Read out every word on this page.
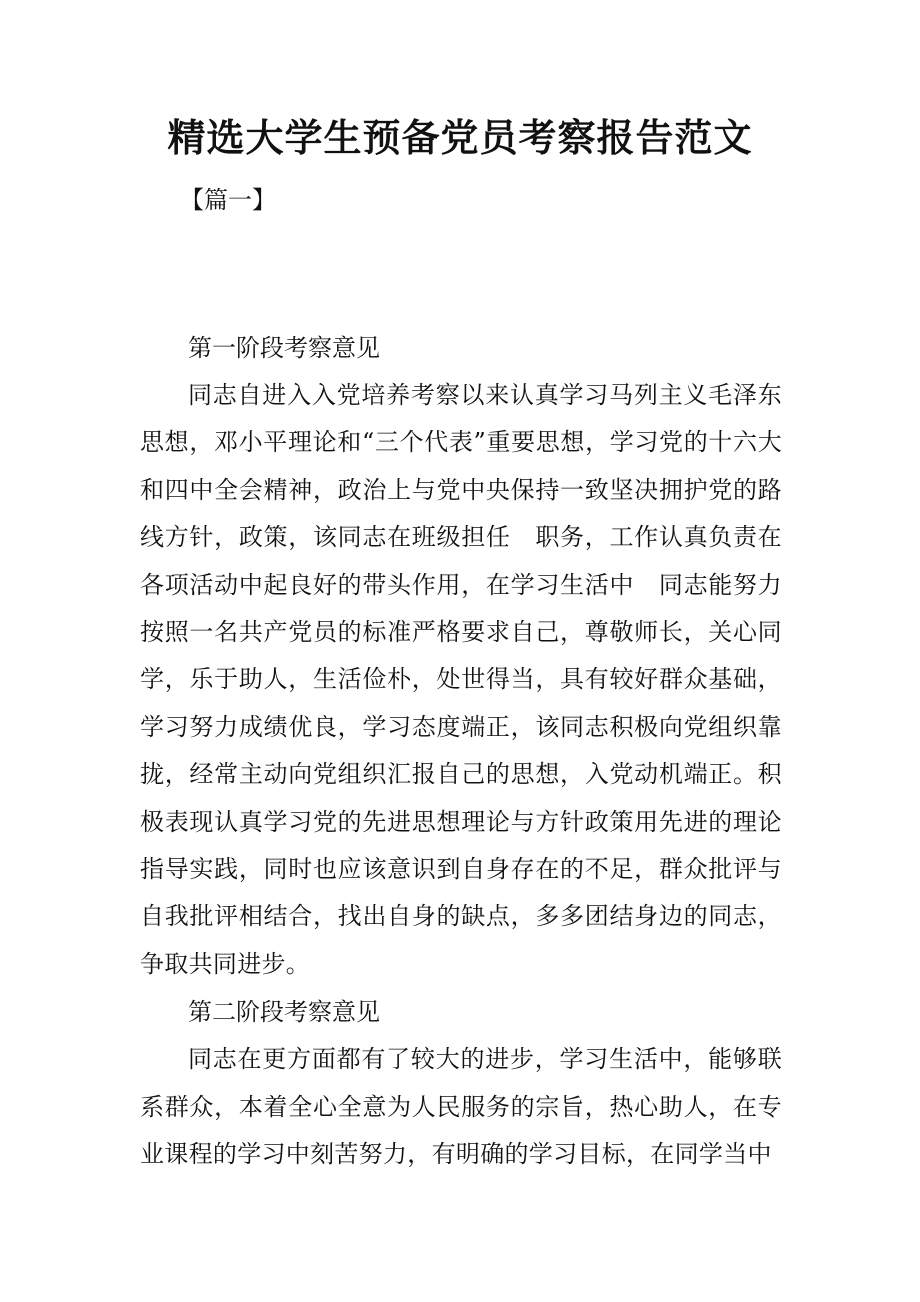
精选大学生预备党员考察报告范文
【篇一】
第一阶段考察意见

同志自进入入党培养考察以来认真学习马列主义毛泽东思想，邓小平理论和“三个代表”重要思想，学习党的十六大和四中全会精神，政治上与党中央保持一致坚决拥护党的路线方针，政策，该同志在班级担任　职务，工作认真负责在各项活动中起良好的带头作用，在学习生活中　同志能努力按照一名共产党员的标准严格要求自己，尊敬师长，关心同学，乐于助人，生活俭朴，处世得当，具有较好群众基础，学习努力成绩优良，学习态度端正，该同志积极向党组织靠拢，经常主动向党组织汇报自己的思想，入党动机端正。积极表现认真学习党的先进思想理论与方针政策用先进的理论指导实践，同时也应该意识到自身存在的不足，群众批评与自我批评相结合，找出自身的缺点，多多团结身边的同志，争取共同进步。

第二阶段考察意见

同志在更方面都有了较大的进步，学习生活中，能够联系群众，本着全心全意为人民服务的宗旨，热心助人，在专业课程的学习中刻苦努力，有明确的学习目标，在同学当中
